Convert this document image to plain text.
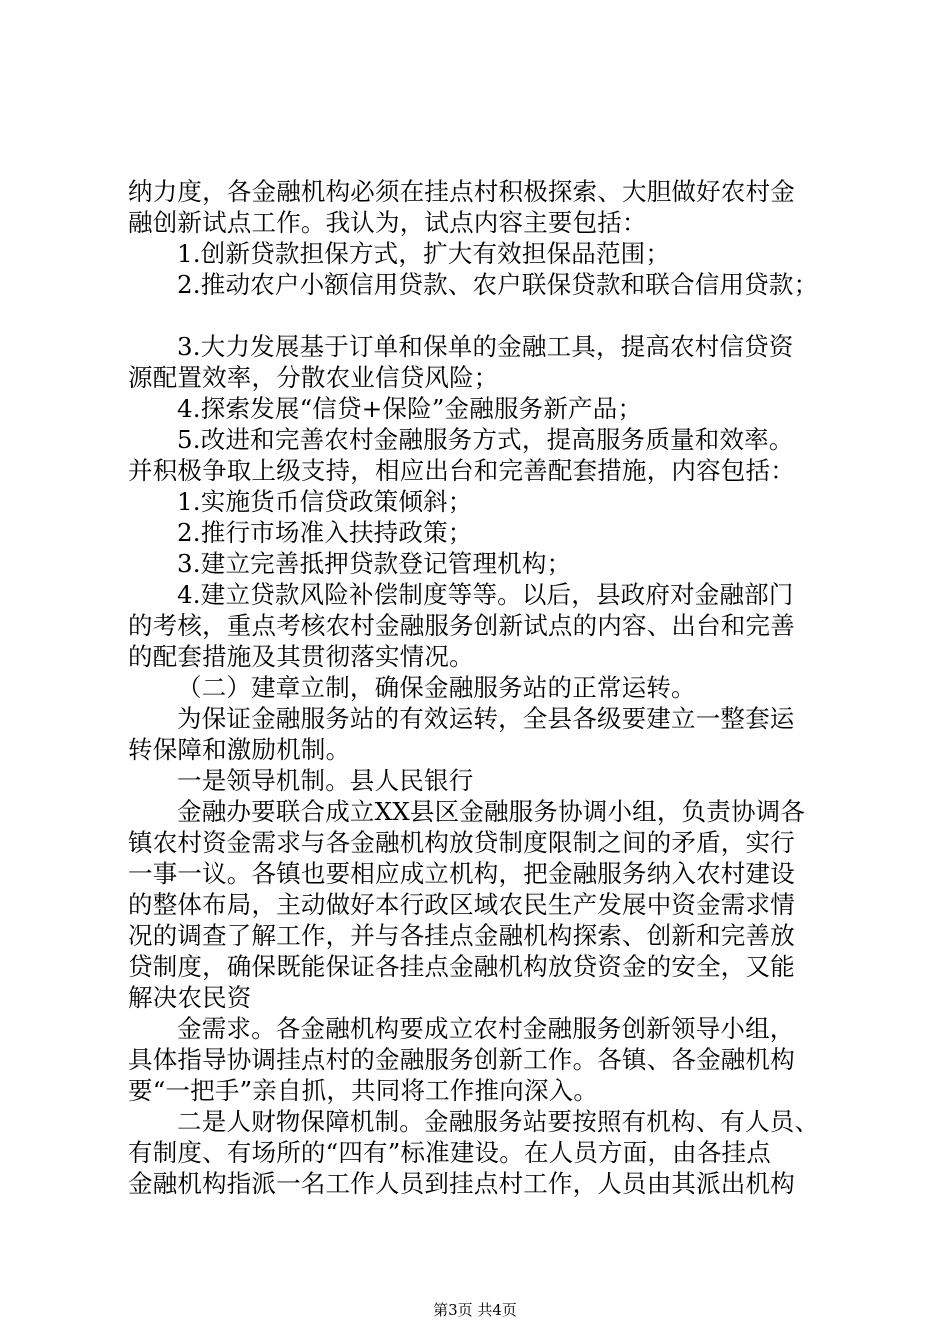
纳力度，各金融机构必须在挂点村积极探索、大胆做好农村金
融创新试点工作。我认为，试点内容主要包括：
1.创新贷款担保方式，扩大有效担保品范围；
2.推动农户小额信用贷款、农户联保贷款和联合信用贷款；
3.大力发展基于订单和保单的金融工具，提高农村信贷资
源配置效率，分散农业信贷风险；
4.探索发展“信贷+保险”金融服务新产品；
5.改进和完善农村金融服务方式，提高服务质量和效率。
并积极争取上级支持，相应出台和完善配套措施，内容包括：
1.实施货币信贷政策倾斜；
2.推行市场准入扶持政策；
3.建立完善抵押贷款登记管理机构；
4.建立贷款风险补偿制度等等。以后，县政府对金融部门
的考核，重点考核农村金融服务创新试点的内容、出台和完善
的配套措施及其贯彻落实情况。
（二）建章立制，确保金融服务站的正常运转。
为保证金融服务站的有效运转，全县各级要建立一整套运
转保障和激励机制。
一是领导机制。县人民银行
金融办要联合成立XX县区金融服务协调小组，负责协调各
镇农村资金需求与各金融机构放贷制度限制之间的矛盾，实行
一事一议。各镇也要相应成立机构，把金融服务纳入农村建设
的整体布局，主动做好本行政区域农民生产发展中资金需求情
况的调查了解工作，并与各挂点金融机构探索、创新和完善放
贷制度，确保既能保证各挂点金融机构放贷资金的安全，又能
解决农民资
金需求。各金融机构要成立农村金融服务创新领导小组，
具体指导协调挂点村的金融服务创新工作。各镇、各金融机构
要“一把手”亲自抓，共同将工作推向深入。
二是人财物保障机制。金融服务站要按照有机构、有人员、
有制度、有场所的“四有”标准建设。在人员方面，由各挂点
金融机构指派一名工作人员到挂点村工作，人员由其派出机构
第3页 共4页
